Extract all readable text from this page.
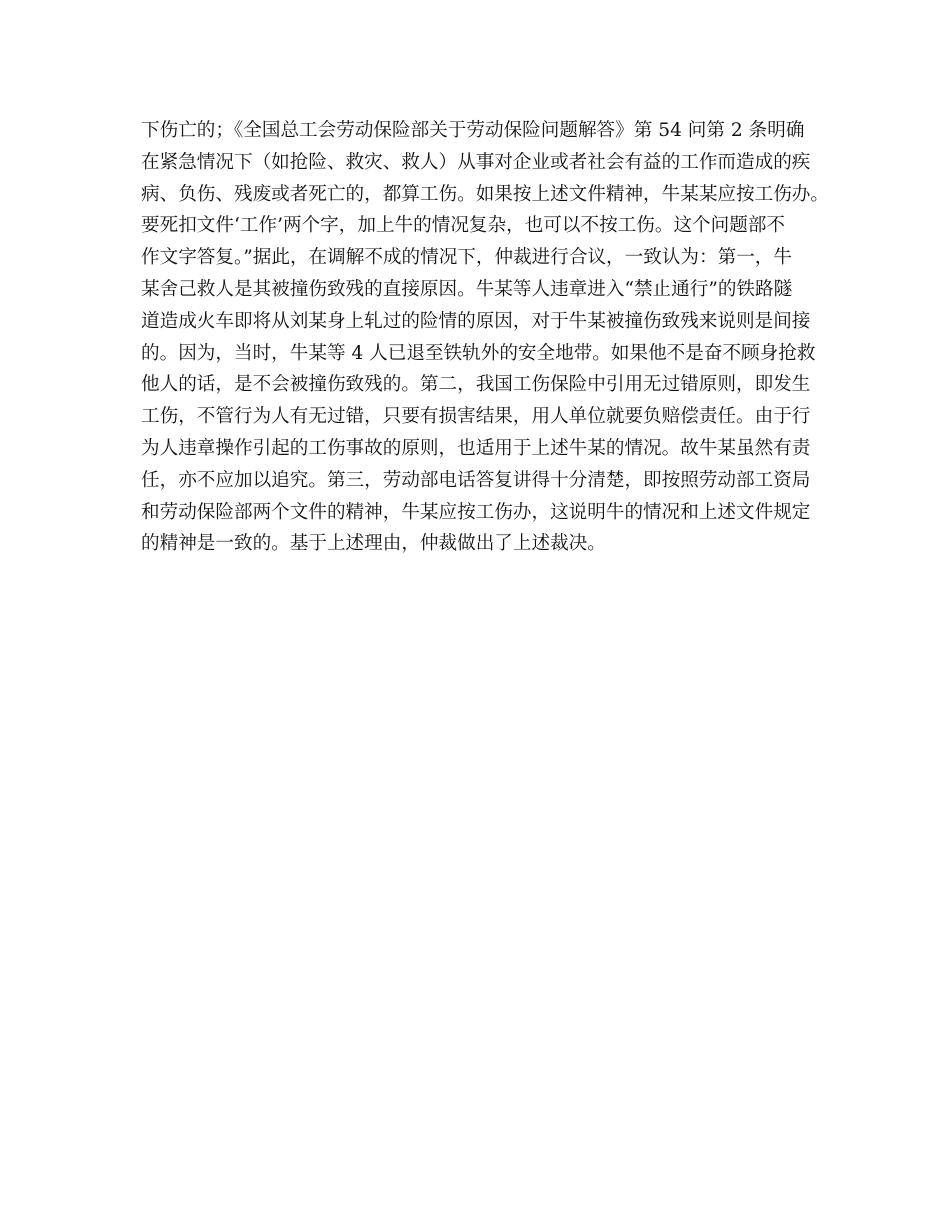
下伤亡的；《全国总工会劳动保险部关于劳动保险问题解答》第 54 问第 2 条明确
在紧急情况下（如抢险、救灾、救人）从事对企业或者社会有益的工作而造成的疾
病、负伤、残废或者死亡的，都算工伤。如果按上述文件精神，牛某某应按工伤办。
要死扣文件‘工作’两个字，加上牛的情况复杂，也可以不按工伤。这个问题部不
作文字答复。”据此，在调解不成的情况下，仲裁进行合议，一致认为：第一，牛
某舍己救人是其被撞伤致残的直接原因。牛某等人违章进入“禁止通行”的铁路隧
道造成火车即将从刘某身上轧过的险情的原因，对于牛某被撞伤致残来说则是间接
的。因为，当时，牛某等 4 人已退至铁轨外的安全地带。如果他不是奋不顾身抢救
他人的话，是不会被撞伤致残的。第二，我国工伤保险中引用无过错原则，即发生
工伤，不管行为人有无过错，只要有损害结果，用人单位就要负赔偿责任。由于行
为人违章操作引起的工伤事故的原则，也适用于上述牛某的情况。故牛某虽然有责
任，亦不应加以追究。第三，劳动部电话答复讲得十分清楚，即按照劳动部工资局
和劳动保险部两个文件的精神，牛某应按工伤办，这说明牛的情况和上述文件规定
的精神是一致的。基于上述理由，仲裁做出了上述裁决。
